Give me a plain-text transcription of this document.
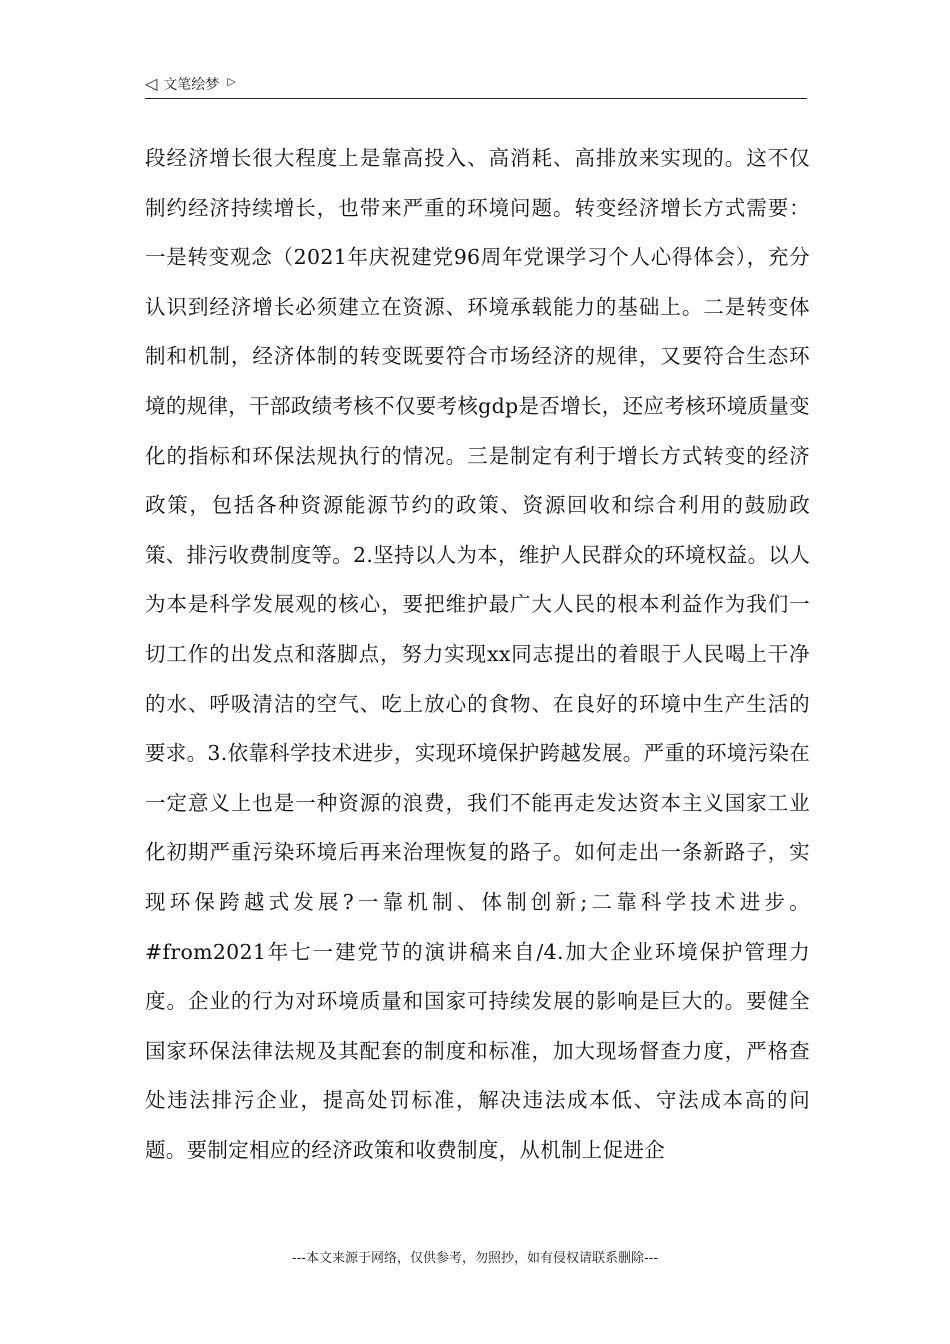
◁ 文笔绘梦 ▷

段经济增长很大程度上是靠高投入、高消耗、高排放来实现的。这不仅制约经济持续增长，也带来严重的环境问题。转变经济增长方式需要：一是转变观念（2021年庆祝建党96周年党课学习个人心得体会），充分认识到经济增长必须建立在资源、环境承载能力的基础上。二是转变体制和机制，经济体制的转变既要符合市场经济的规律，又要符合生态环境的规律，干部政绩考核不仅要考核gdp是否增长，还应考核环境质量变化的指标和环保法规执行的情况。三是制定有利于增长方式转变的经济政策，包括各种资源能源节约的政策、资源回收和综合利用的鼓励政策、排污收费制度等。2.坚持以人为本，维护人民群众的环境权益。以人为本是科学发展观的核心，要把维护最广大人民的根本利益作为我们一切工作的出发点和落脚点，努力实现xx同志提出的着眼于人民喝上干净的水、呼吸清洁的空气、吃上放心的食物、在良好的环境中生产生活的要求。3.依靠科学技术进步，实现环境保护跨越发展。严重的环境污染在一定意义上也是一种资源的浪费，我们不能再走发达资本主义国家工业化初期严重污染环境后再来治理恢复的路子。如何走出一条新路子，实现环保跨越式发展?一靠机制、体制创新;二靠科学技术进步。#from2021年七一建党节的演讲稿来自/4.加大企业环境保护管理力度。企业的行为对环境质量和国家可持续发展的影响是巨大的。要健全国家环保法律法规及其配套的制度和标准，加大现场督查力度，严格查处违法排污企业，提高处罚标准，解决违法成本低、守法成本高的问题。要制定相应的经济政策和收费制度，从机制上促进企

---本文来源于网络，仅供参考，勿照抄，如有侵权请联系删除---
